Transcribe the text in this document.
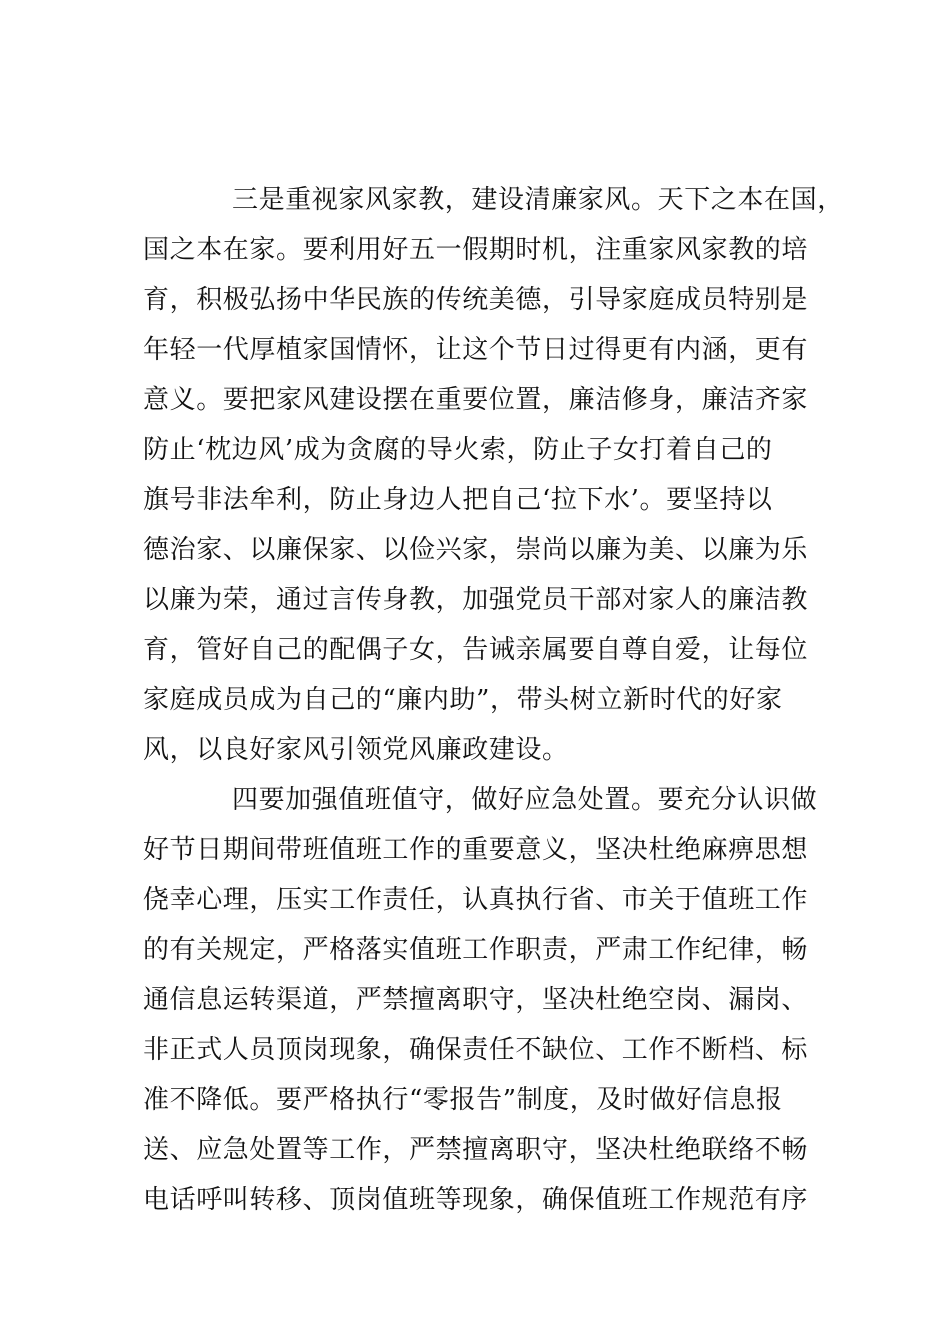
三是重视家风家教，建设清廉家风。天下之本在国，
国之本在家。要利用好五一假期时机，注重家风家教的培
育，积极弘扬中华民族的传统美德，引导家庭成员特别是
年轻一代厚植家国情怀，让这个节日过得更有内涵，更有
意义。要把家风建设摆在重要位置，廉洁修身，廉洁齐家
防止‘枕边风’成为贪腐的导火索，防止子女打着自己的
旗号非法牟利，防止身边人把自己‘拉下水’。要坚持以
德治家、以廉保家、以俭兴家，崇尚以廉为美、以廉为乐
以廉为荣，通过言传身教，加强党员干部对家人的廉洁教
育，管好自己的配偶子女，告诫亲属要自尊自爱，让每位
家庭成员成为自己的“廉内助”，带头树立新时代的好家
风，以良好家风引领党风廉政建设。
四要加强值班值守，做好应急处置。要充分认识做
好节日期间带班值班工作的重要意义，坚决杜绝麻痹思想
侥幸心理，压实工作责任，认真执行省、市关于值班工作
的有关规定，严格落实值班工作职责，严肃工作纪律，畅
通信息运转渠道，严禁擅离职守，坚决杜绝空岗、漏岗、
非正式人员顶岗现象，确保责任不缺位、工作不断档、标
准不降低。要严格执行“零报告”制度，及时做好信息报
送、应急处置等工作，严禁擅离职守，坚决杜绝联络不畅
电话呼叫转移、顶岗值班等现象，确保值班工作规范有序
